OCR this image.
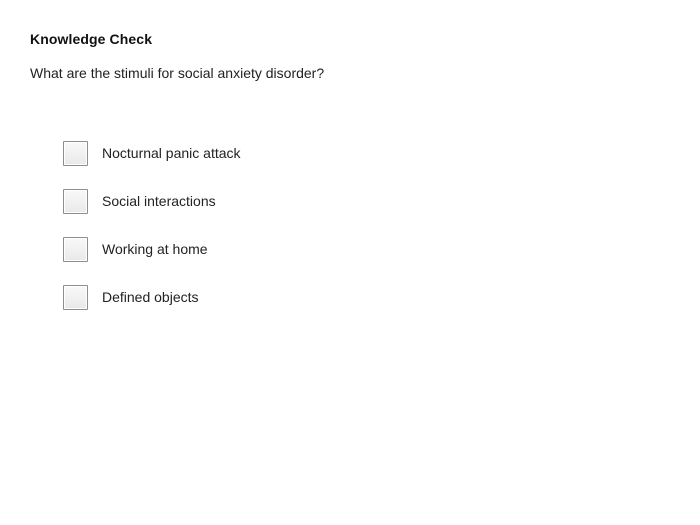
Knowledge Check
What are the stimuli for social anxiety disorder?
Nocturnal panic attack
Social interactions
Working at home
Defined objects
